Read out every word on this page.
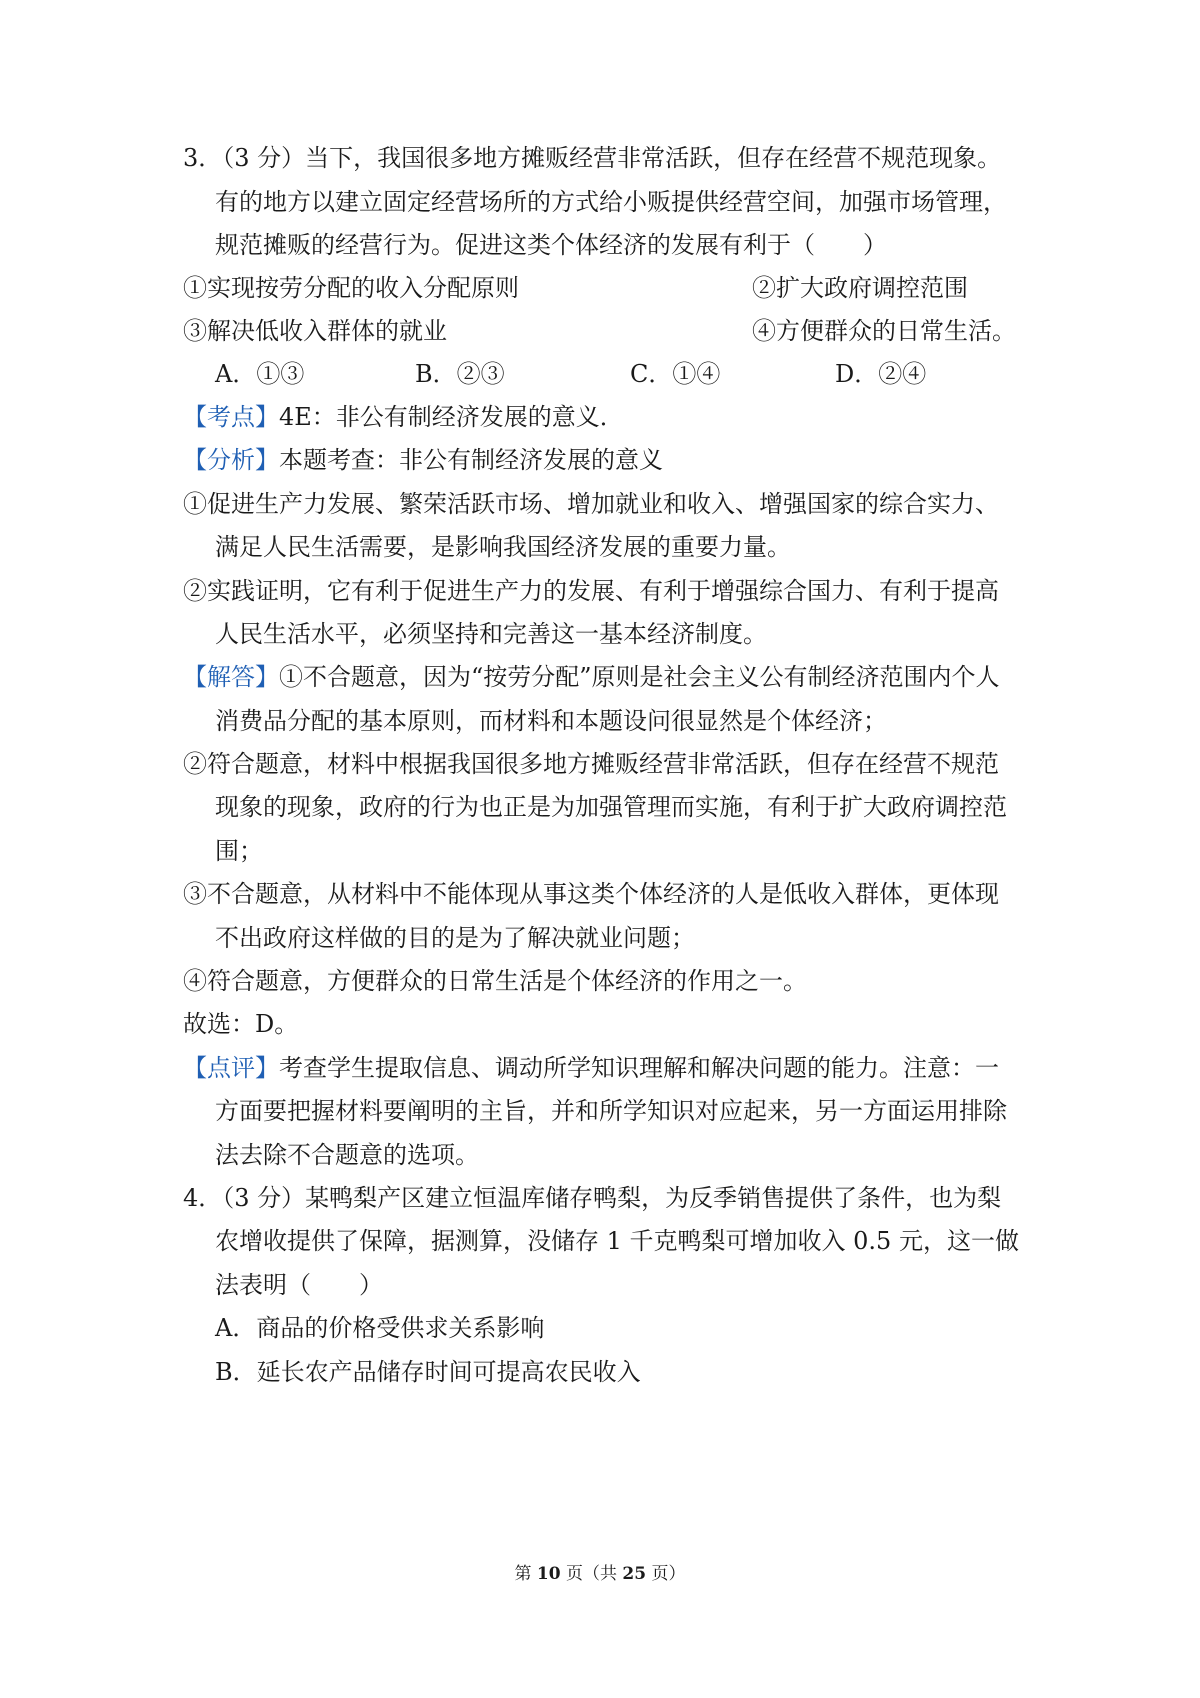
3．（3 分）当下，我国很多地方摊贩经营非常活跃，但存在经营不规范现象。
有的地方以建立固定经营场所的方式给小贩提供经营空间，加强市场管理，
规范摊贩的经营行为。促进这类个体经济的发展有利于（　　）
①实现按劳分配的收入分配原则	②扩大政府调控范围
③解决低收入群体的就业	④方便群众的日常生活。
A．①③	B．②③	C．①④	D．②④
【考点】4E：非公有制经济发展的意义．
【分析】本题考查：非公有制经济发展的意义
①促进生产力发展、繁荣活跃市场、增加就业和收入、增强国家的综合实力、
满足人民生活需要，是影响我国经济发展的重要力量。
②实践证明，它有利于促进生产力的发展、有利于增强综合国力、有利于提高
人民生活水平，必须坚持和完善这一基本经济制度。
【解答】①不合题意，因为“按劳分配”原则是社会主义公有制经济范围内个人
消费品分配的基本原则，而材料和本题设问很显然是个体经济；
②符合题意，材料中根据我国很多地方摊贩经营非常活跃，但存在经营不规范
现象的现象，政府的行为也正是为加强管理而实施，有利于扩大政府调控范
围；
③不合题意，从材料中不能体现从事这类个体经济的人是低收入群体，更体现
不出政府这样做的目的是为了解决就业问题；
④符合题意，方便群众的日常生活是个体经济的作用之一。
故选：D。
【点评】考查学生提取信息、调动所学知识理解和解决问题的能力。注意：一
方面要把握材料要阐明的主旨，并和所学知识对应起来，另一方面运用排除
法去除不合题意的选项。
4．（3 分）某鸭梨产区建立恒温库储存鸭梨，为反季销售提供了条件，也为梨
农增收提供了保障，据测算，没储存 1 千克鸭梨可增加收入 0.5 元，这一做
法表明（　　）
A．商品的价格受供求关系影响
B．延长农产品储存时间可提高农民收入
第 10 页（共 25 页）
